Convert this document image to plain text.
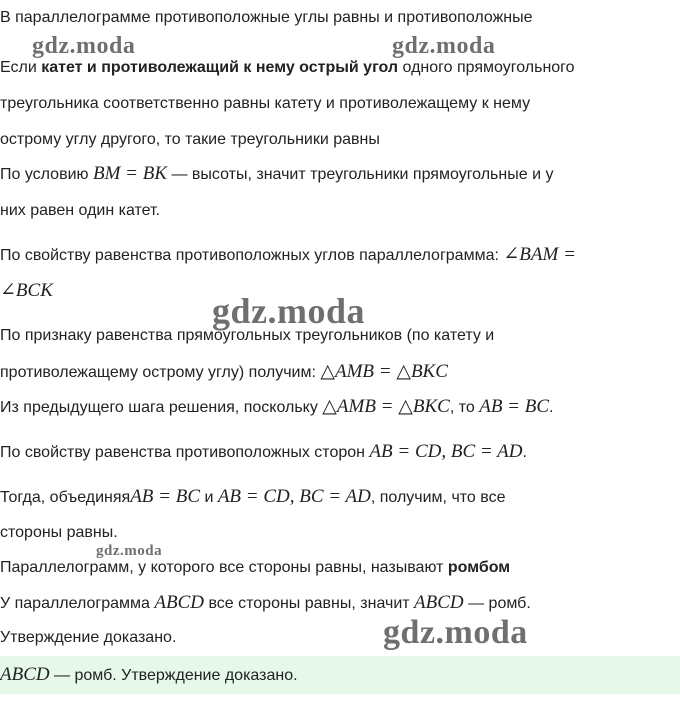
В параллелограмме противоположные углы равны и противоположные
Если катет и противолежащий к нему острый угол одного прямоугольного
треугольника соответственно равны катету и противолежащему к нему
острому углу другого, то такие треугольники равны
По условию BM = BK — высоты, значит треугольники прямоугольные и у
них равен один катет.
По свойству равенства противоположных углов параллелограмма: ∠BAM =
∠BCK
По признаку равенства прямоугольных треугольников (по катету и
противолежащему острому углу) получим: △AMB = △BKC
Из предыдущего шага решения, поскольку △AMB = △BKC, то AB = BC.
По свойству равенства противоположных сторон AB = CD, BC = AD.
Тогда, объединяяAB = BC и AB = CD, BC = AD, получим, что все
стороны равны.
Параллелограмм, у которого все стороны равны, называют ромбом
У параллелограмма ABCD все стороны равны, значит ABCD — ромб.
Утверждение доказано.
ABCD — ромб. Утверждение доказано.
gdz.moda	gdz.moda
gdz.moda
gdz.moda
gdz.moda
